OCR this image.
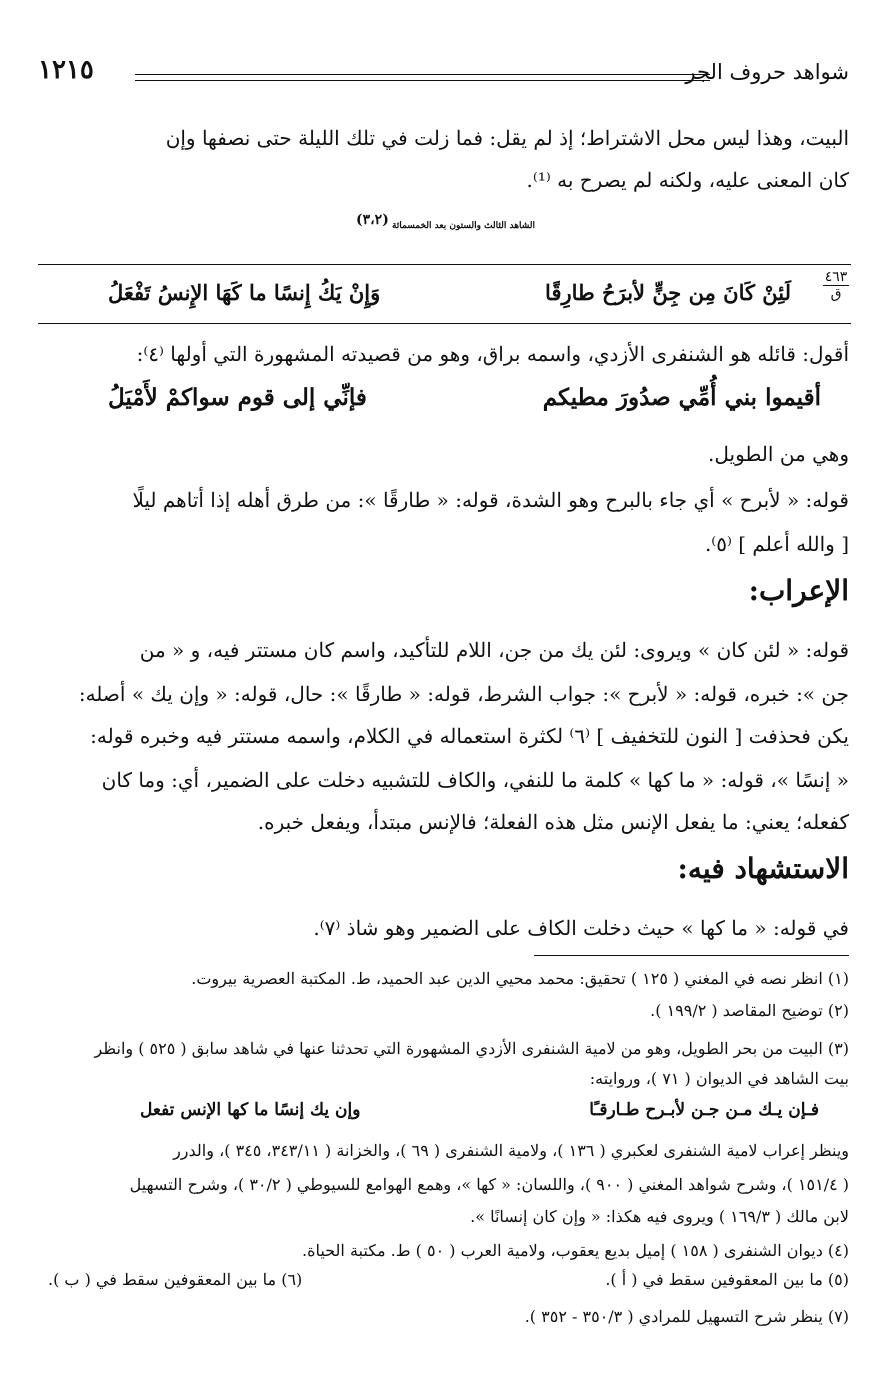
شواهد حروف الجر
١٢١٥
البيت، وهذا ليس محل الاشتراط؛ إذ لم يقل: فما زلت في تلك الليلة حتى نصفها وإن
كان المعنى عليه، ولكنه لم يصرح به ⁽¹⁾.
الشاهد الثالث والستون بعد الخمسمائة (٣،٢)
٤٦٣
ق
لَئِنْ كَانَ مِن جِنٍّ لأبرَحُ طارِقًا
وَإِنْ يَكُ إِنسًا ما كَهَا الإِنسُ تَفْعَلُ
أقول: قائله هو الشنفرى الأزدي، واسمه براق، وهو من قصيدته المشهورة التي أولها ⁽٤⁾:
أقيموا بني أُمِّي صدُورَ مطيكم
فإنِّي إلى قوم سواكمْ لأَمْيَلُ
وهي من الطويل.
قوله: « لأبرح » أي جاء بالبرح وهو الشدة، قوله: « طارقًا »: من طرق أهله إذا أتاهم ليلًا
[ والله أعلم ] ⁽٥⁾.
الإعراب:
قوله: « لئن كان » ويروى: لئن يك من جن، اللام للتأكيد، واسم كان مستتر فيه، و « من
جن »: خبره، قوله: « لأبرح »: جواب الشرط، قوله: « طارقًا »: حال، قوله: « وإن يك » أصله:
يكن فحذفت [ النون للتخفيف ] ⁽٦⁾ لكثرة استعماله في الكلام، واسمه مستتر فيه وخبره قوله:
« إنسًا »، قوله: « ما كها » كلمة ما للنفي، والكاف للتشبيه دخلت على الضمير، أي: وما كان
كفعله؛ يعني: ما يفعل الإنس مثل هذه الفعلة؛ فالإنس مبتدأ، ويفعل خبره.
الاستشهاد فيه:
في قوله: « ما كها » حيث دخلت الكاف على الضمير وهو شاذ ⁽٧⁾.
(١) انظر نصه في المغني ( ١٢٥ ) تحقيق: محمد محيي الدين عبد الحميد، ط. المكتبة العصرية بيروت.
(٢) توضيح المقاصد ( ١٩٩/٢ ).
(٣) البيت من بحر الطويل، وهو من لامية الشنفرى الأزدي المشهورة التي تحدثنا عنها في شاهد سابق ( ٥٢٥ ) وانظر
بيت الشاهد في الديوان ( ٧١ )، وروايته:
فـإن يـك مـن جـن لأبـرح طـارقـًا
وإن يك إنسًا ما كها الإنس تفعل
وينظر إعراب لامية الشنفرى لعكبري ( ١٣٦ )، ولامية الشنفرى ( ٦٩ )، والخزانة ( ٣٤٣/١١، ٣٤٥ )، والدرر
( ١٥١/٤ )، وشرح شواهد المغني ( ٩٠٠ )، واللسان: « كها »، وهمع الهوامع للسيوطي ( ٣٠/٢ )، وشرح التسهيل
لابن مالك ( ١٦٩/٣ ) ويروى فيه هكذا: « وإن كان إنسانًا ».
(٤) ديوان الشنفرى ( ١٥٨ ) إميل بديع يعقوب، ولامية العرب ( ٥٠ ) ط. مكتبة الحياة.
(٥) ما بين المعقوفين سقط في ( أ ).
(٦) ما بين المعقوفين سقط في ( ب ).
(٧) ينظر شرح التسهيل للمرادي ( ٣٥٠/٣ - ٣٥٢ ).
